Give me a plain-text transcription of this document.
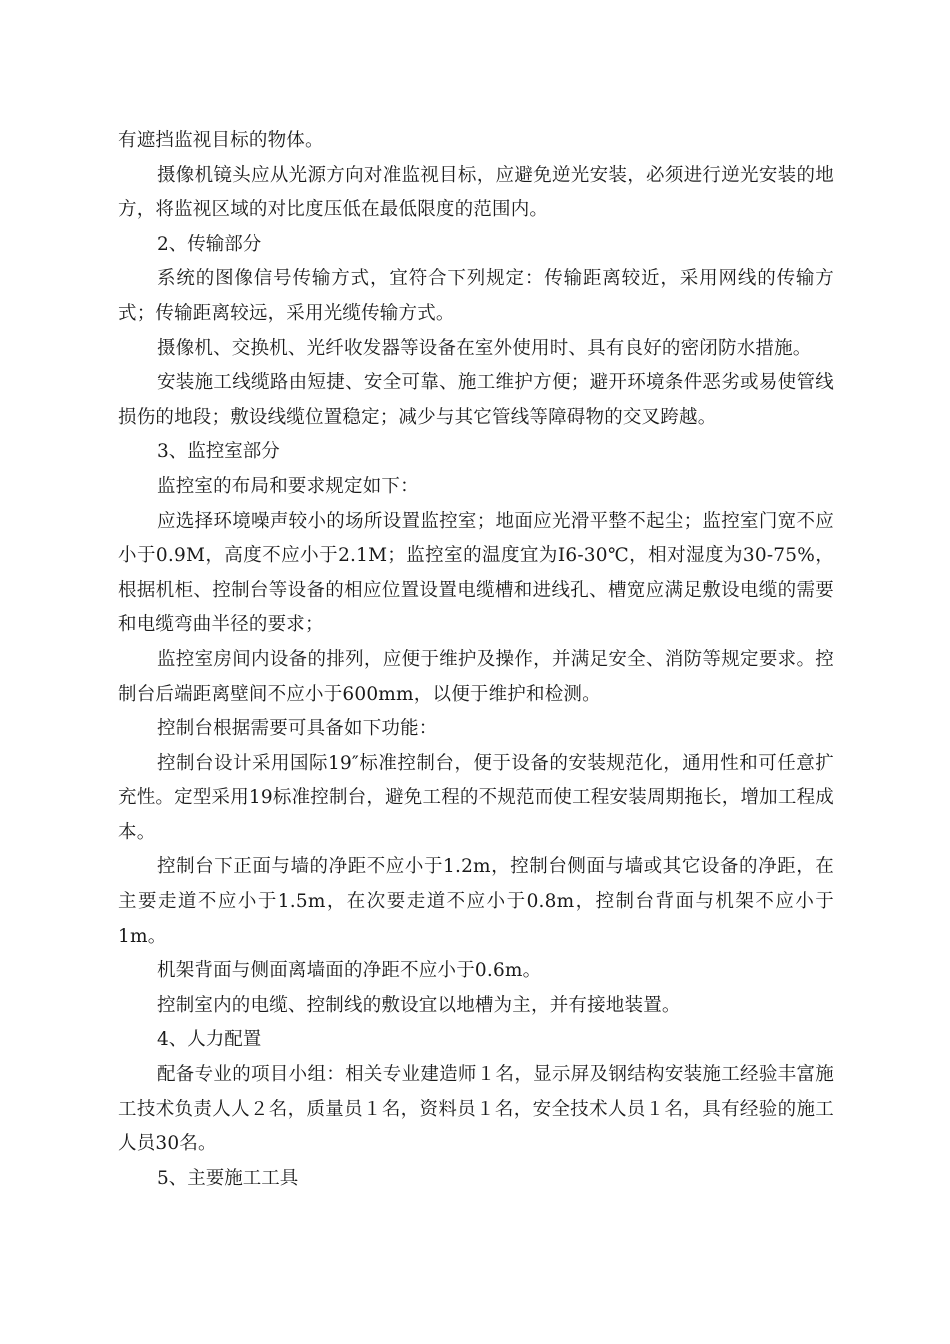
有遮挡监视目标的物体。

摄像机镜头应从光源方向对准监视目标，应避免逆光安装，必须进行逆光安装的地方，将监视区域的对比度压低在最低限度的范围内。

2、传输部分

系统的图像信号传输方式，宜符合下列规定：传输距离较近，采用网线的传输方式；传输距离较远，采用光缆传输方式。

摄像机、交换机、光纤收发器等设备在室外使用时、具有良好的密闭防水措施。

安装施工线缆路由短捷、安全可靠、施工维护方便；避开环境条件恶劣或易使管线损伤的地段；敷设线缆位置稳定；减少与其它管线等障碍物的交叉跨越。

3、监控室部分

监控室的布局和要求规定如下：

应选择环境噪声较小的场所设置监控室；地面应光滑平整不起尘；监控室门宽不应小于0.9M，高度不应小于2.1M；监控室的温度宜为I6-30℃，相对湿度为30-75%，根据机柜、控制台等设备的相应位置设置电缆槽和进线孔、槽宽应满足敷设电缆的需要和电缆弯曲半径的要求；

监控室房间内设备的排列，应便于维护及操作，并满足安全、消防等规定要求。控制台后端距离壁间不应小于600mm，以便于维护和检测。

控制台根据需要可具备如下功能：

控制台设计采用国际19″标准控制台，便于设备的安装规范化，通用性和可任意扩充性。定型采用19标准控制台，避免工程的不规范而使工程安装周期拖长，增加工程成本。

控制台下正面与墙的净距不应小于1.2m，控制台侧面与墙或其它设备的净距，在主要走道不应小于1.5m，在次要走道不应小于0.8m，控制台背面与机架不应小于1m。

机架背面与侧面离墙面的净距不应小于0.6m。

控制室内的电缆、控制线的敷设宜以地槽为主，并有接地装置。

4、人力配置

配备专业的项目小组：相关专业建造师１名，显示屏及钢结构安装施工经验丰富施工技术负责人人２名，质量员１名，资料员１名，安全技术人员１名，具有经验的施工人员30名。

5、主要施工工具
